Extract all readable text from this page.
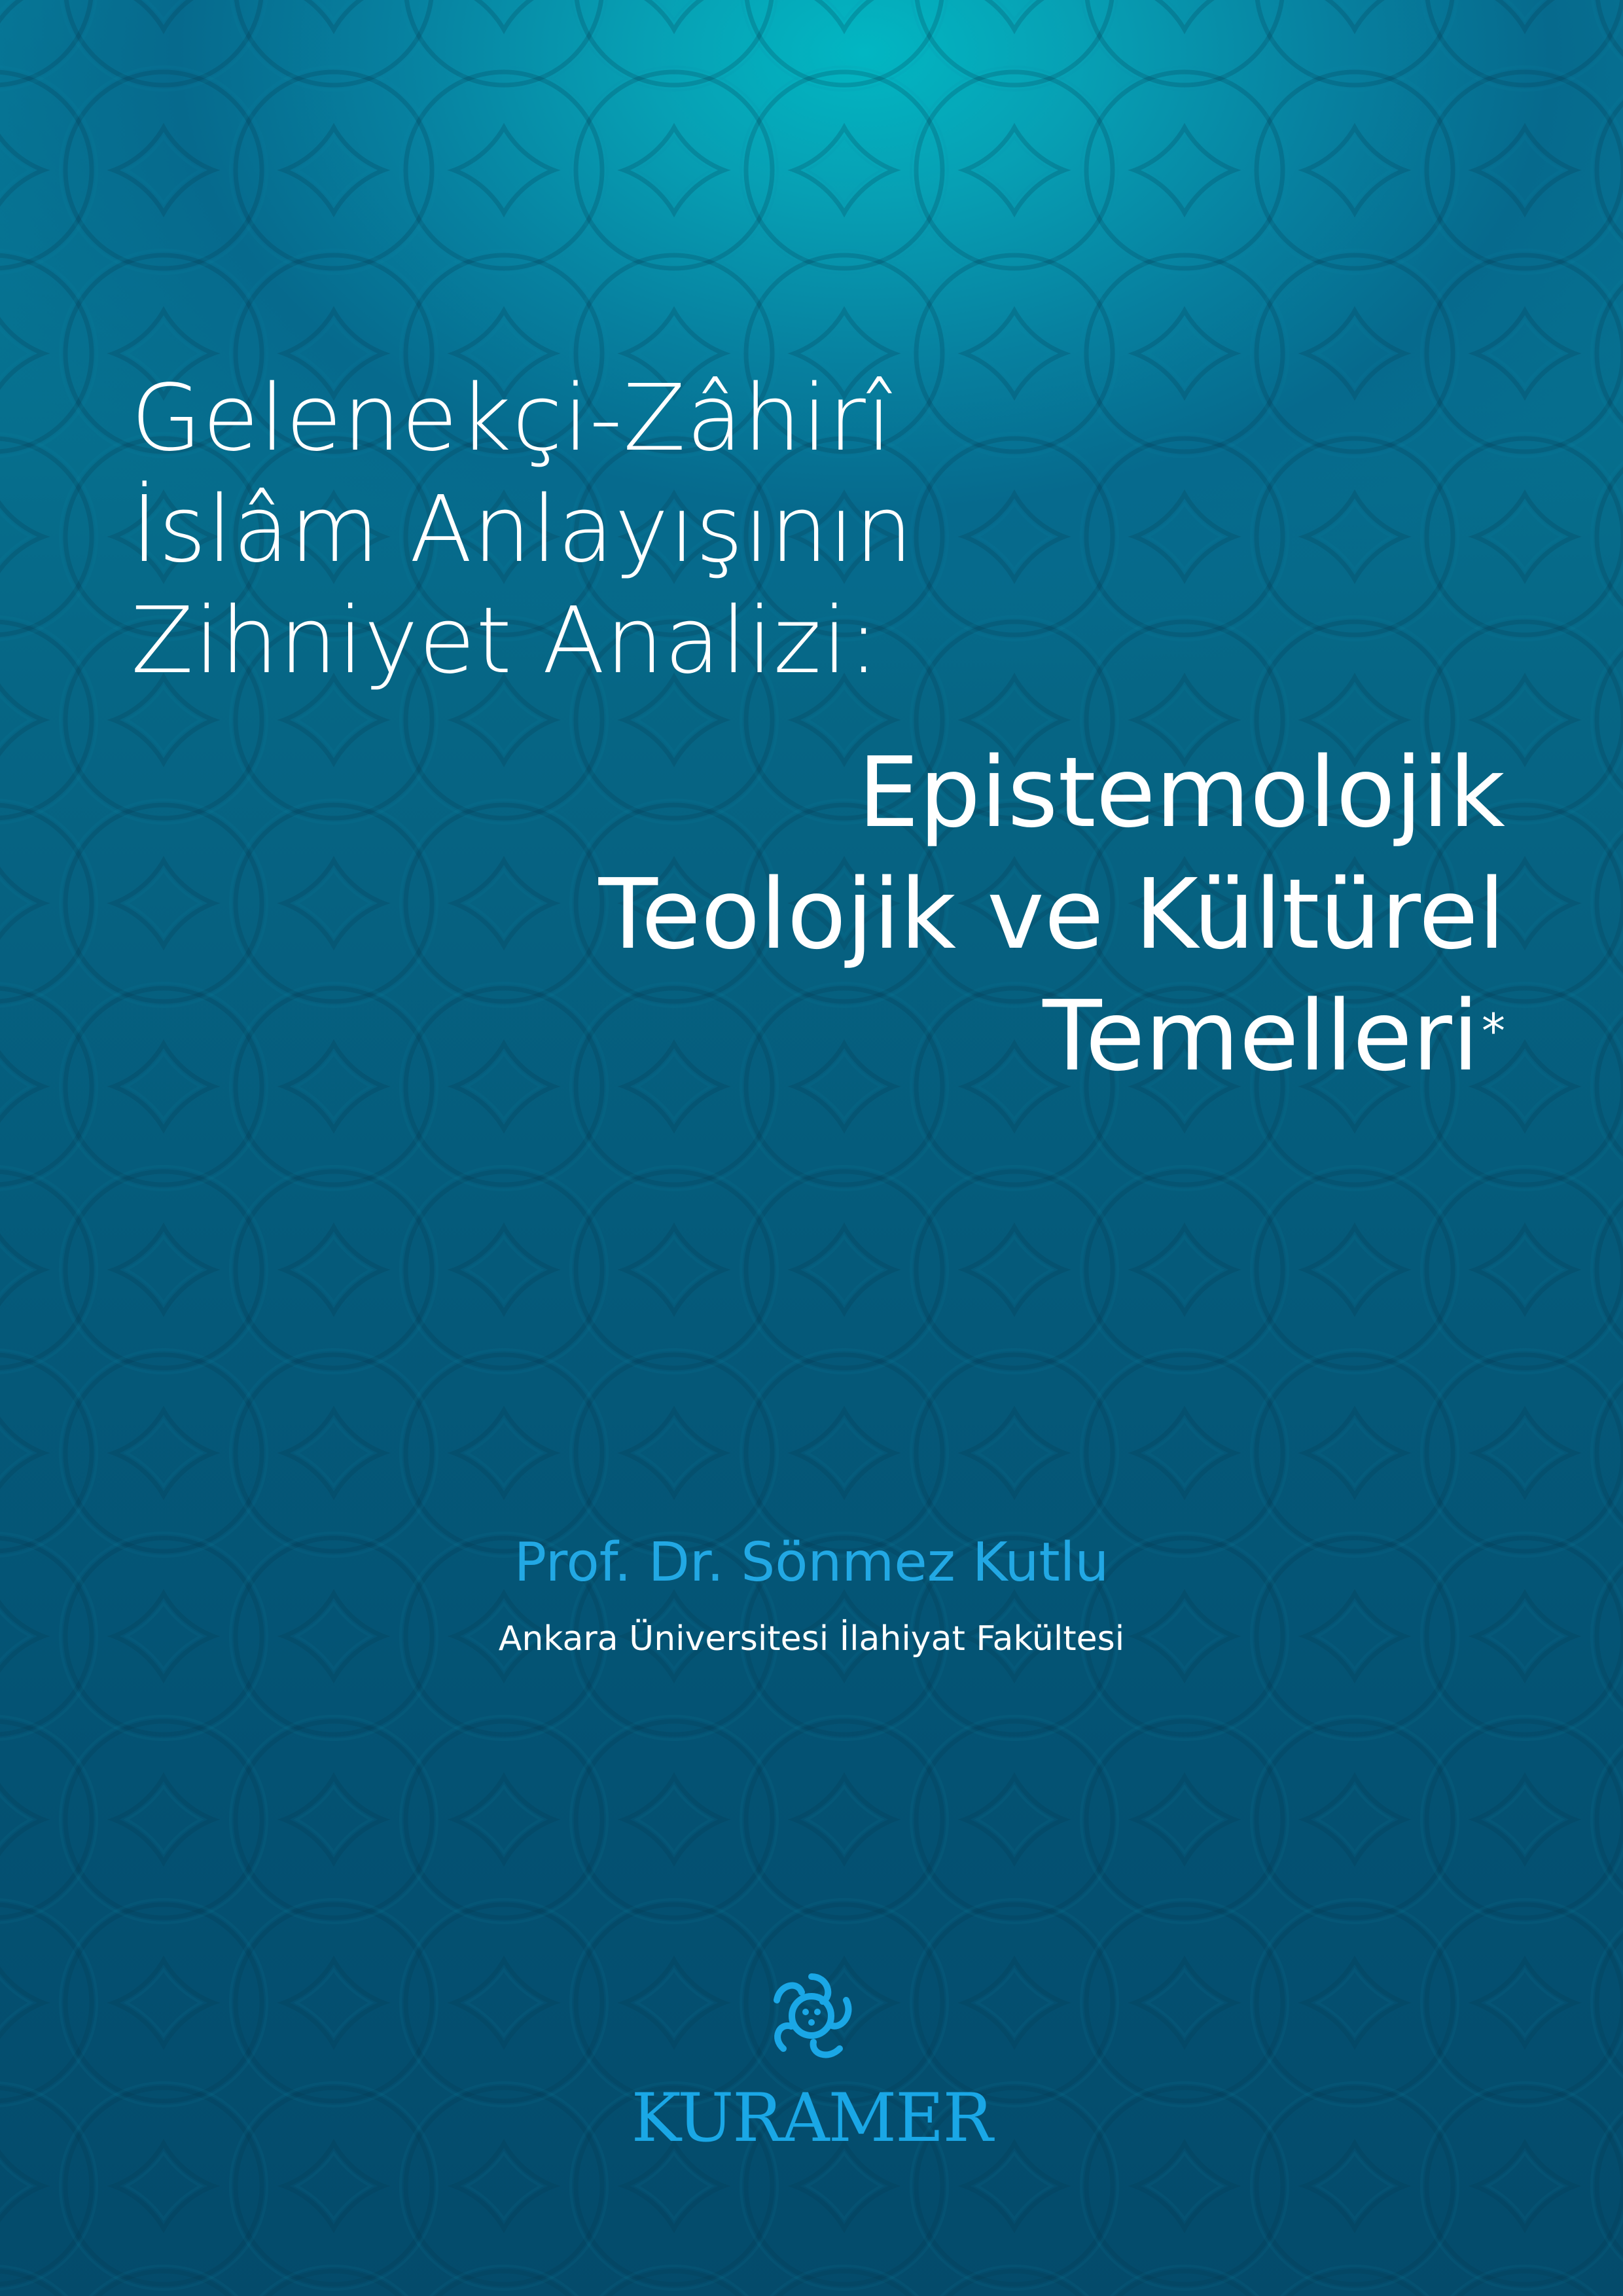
Gelenekçi-Zâhirî
İslâm Anlayışının
Zihniyet Analizi:
Epistemolojik
Teolojik ve Kültürel
Temelleri*
Prof. Dr. Sönmez Kutlu
Ankara Üniversitesi İlahiyat Fakültesi
KURAMER
